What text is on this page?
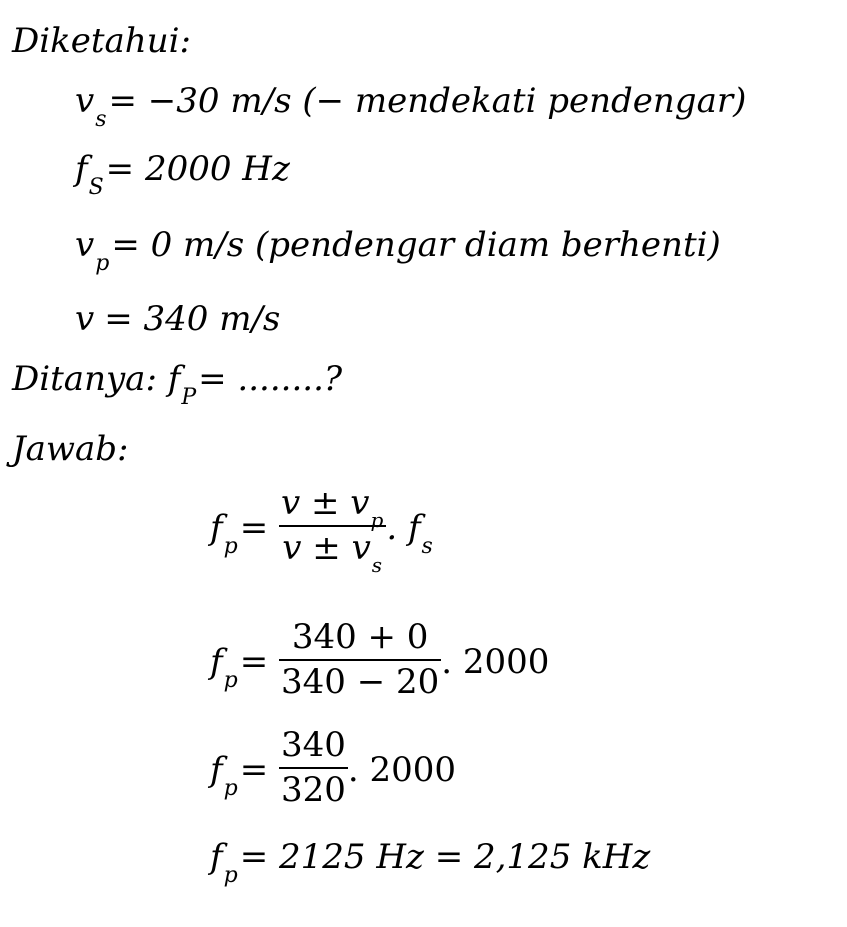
Diketahui:
$v_s= -30$ m/s (− mendekati pendengar)
$f_S= 2000$ Hz
$v_p= 0$ m/s (pendengar diam berhenti)
v = 340 m/s
Ditanya: $f_P=$ ........?
Jawab:
$f_p= \frac{v \pm v_p}{v \pm v_s}$ . $f_s$
$f_p= \frac{340 + 0}{340 - 20}$ . 2000
$f_p= \frac{340}{320}$ . 2000
$f_p= 2125$ Hz = 2,125 kHz
